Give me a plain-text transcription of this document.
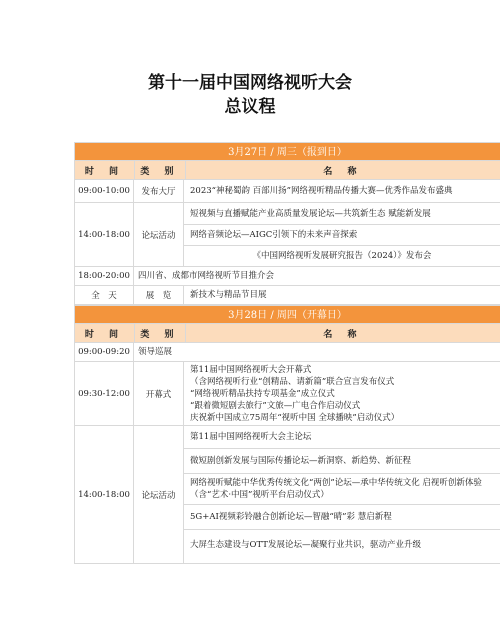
第十一届中国网络视听大会
总议程
3月27日 / 周三（报到日）
时 间	类 别	名 称
09:00-10:00	发布大厅	2023“神秘蜀韵 百部川扬”网络视听精品传播大赛—优秀作品发布盛典
14:00-18:00	论坛活动
短视频与直播赋能产业高质量发展论坛—共筑新生态 赋能新发展
网络音频论坛—AIGC引领下的未来声音探索
《中国网络视听发展研究报告（2024）》发布会
18:00-20:00 四川省、成都市网络视听节目推介会
全　天	展　览	新技术与精品节目展
3月28日 / 周四（开幕日）
时 间	类 别	名 称
09:00-09:20 领导巡展
09:30-12:00	开幕式
第11届中国网络视听大会开幕式
（含网络视听行业“创精品、请新篇”联合宣言发布仪式
“网络视听精品扶持专项基金”成立仪式
“跟着微短剧去旅行”文旅—广电合作启动仪式
庆祝新中国成立75周年“视听中国 全球播映”启动仪式）
14:00-18:00	论坛活动
第11届中国网络视听大会主论坛
微短剧创新发展与国际传播论坛—新洞察、新趋势、新征程
网络视听赋能中华优秀传统文化“两创”论坛—承中华传统文化 启视听创新体验（含“艺术·中国”视听平台启动仪式）
5G+AI视频彩铃融合创新论坛—智融“晴”彩 慧启新程
大屏生态建设与OTT发展论坛—凝聚行业共识，驱动产业升级
